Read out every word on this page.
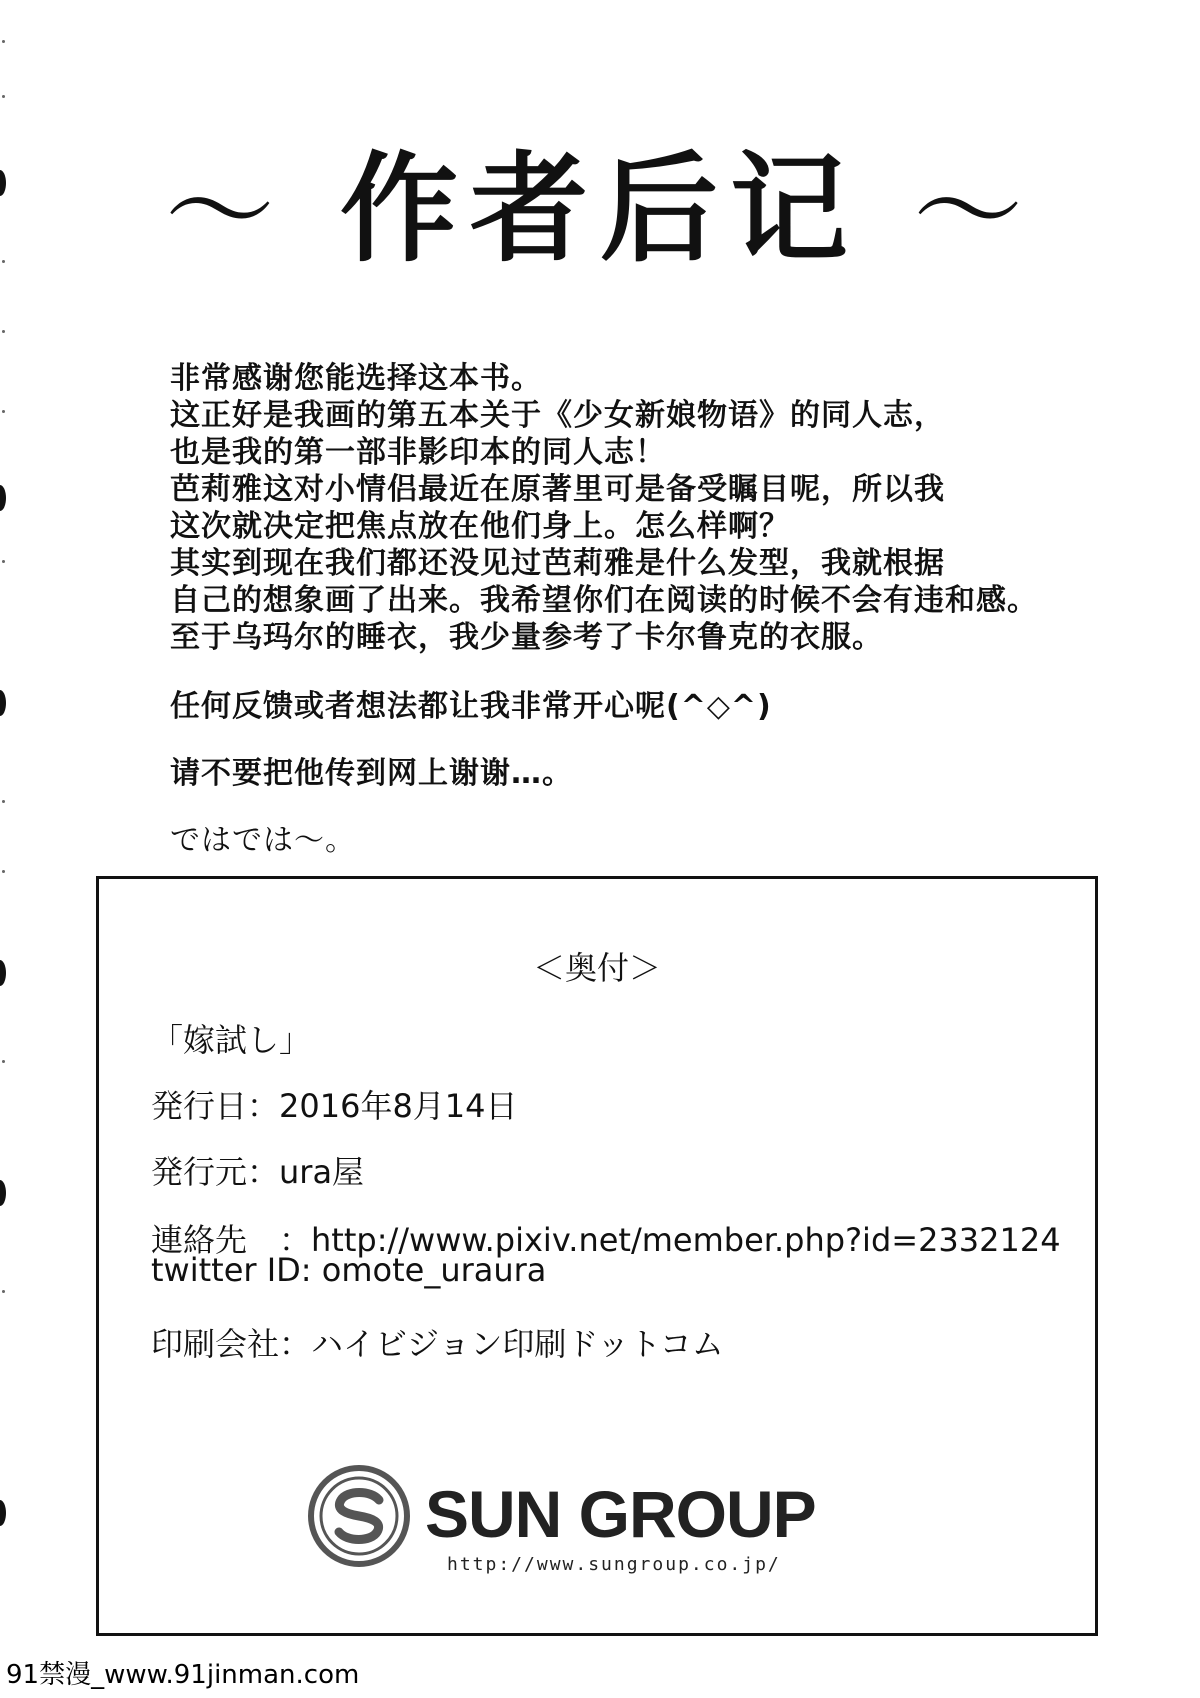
～ 作者后记 ～
非常感谢您能选择这本书。
这正好是我画的第五本关于《少女新娘物语》的同人志，
也是我的第一部非影印本的同人志！
芭莉雅这对小情侣最近在原著里可是备受瞩目呢，所以我
这次就决定把焦点放在他们身上。怎么样啊？
其实到现在我们都还没见过芭莉雅是什么发型，我就根据
自己的想象画了出来。我希望你们在阅读的时候不会有违和感。
至于乌玛尔的睡衣，我少量参考了卡尔鲁克的衣服。
任何反馈或者想法都让我非常开心呢(^◇^)
请不要把他传到网上谢谢…。
ではでは～。
＜奥付＞
「嫁試し」
発行日：2016年8月14日
発行元：ura屋
連絡先　：http://www.pixiv.net/member.php?id=2332124
twitter ID: omote_uraura
印刷会社：ハイビジョン印刷ドットコム
SUN GROUP
http://www.sungroup.co.jp/
91禁漫_www.91jinman.com
